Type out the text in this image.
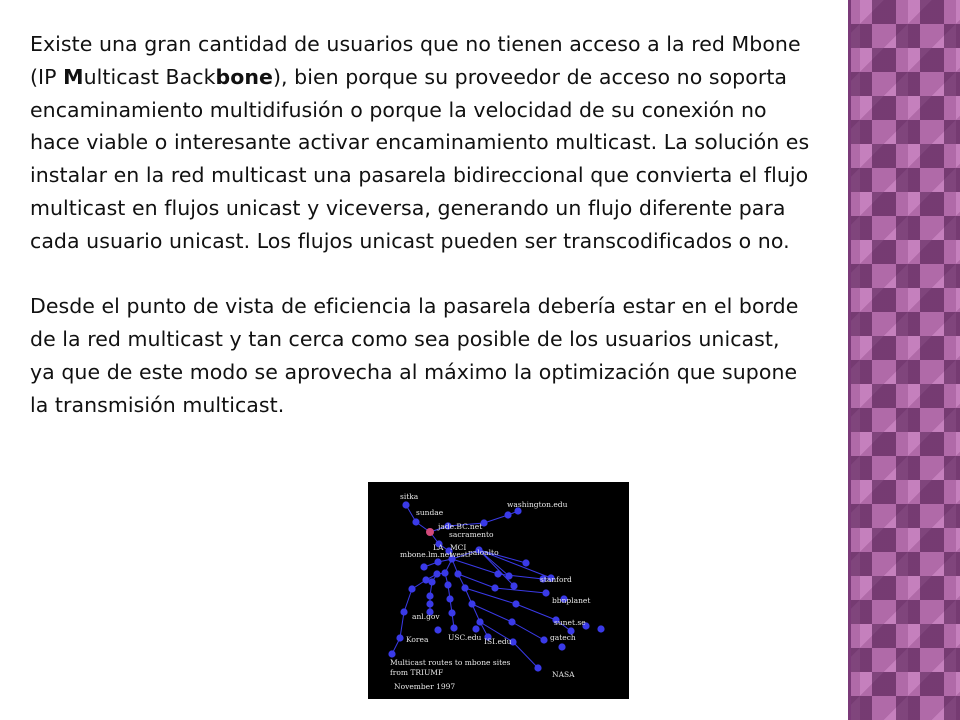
Existe una gran cantidad de usuarios que no tienen acceso a la red Mbone (IP Multicast Backbone), bien porque su proveedor de acceso no soporta encaminamiento multidifusión o porque la velocidad de su conexión no hace viable o interesante activar encaminamiento multicast. La solución es instalar en la red multicast una pasarela bidireccional que convierta el flujo multicast en flujos unicast y viceversa, generando un flujo diferente para cada usuario unicast. Los flujos unicast pueden ser transcodificados o no.

Desde el punto de vista de eficiencia la pasarela debería estar en el borde de la red multicast y tan cerca como sea posible de los usuarios unicast, ya que de este modo se aprovecha al máximo la optimización que supone la transmisión multicast.

sitka
sundae
washington.edu
jade.BC.net
sacramento
LA MCI
mbone.lm.net
west paloalto
stanford
bbnplanet
anl.gov
sunet.se
Korea	USC.edu ISI.edu	gatech
NASA
Multicast routes to mbone sites
from TRIUMF
November 1997
